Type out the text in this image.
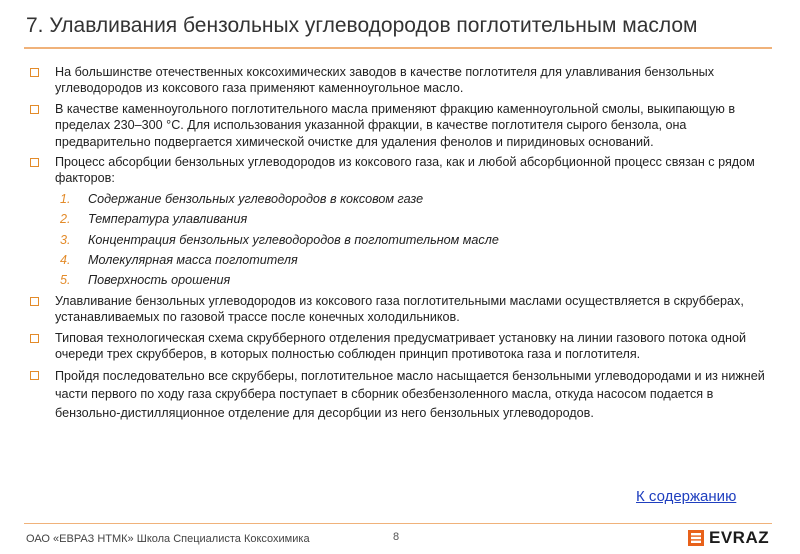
7. Улавливания бензольных углеводородов поглотительным маслом
На большинстве отечественных коксохимических заводов в качестве поглотителя для улавливания бензольных углеводородов из коксового газа применяют каменноугольное масло.
В качестве каменноугольного поглотительного масла применяют фракцию каменноугольной смолы, выкипающую в пределах 230–300 °С. Для использования указанной фракции, в качестве поглотителя сырого бензола, она предварительно подвергается химической очистке для удаления фенолов и пиридиновых оснований.
Процесс абсорбции бензольных углеводородов из коксового газа, как и любой абсорбционной процесс связан с рядом факторов:
1. Содержание бензольных углеводородов в коксовом газе
2. Температура улавливания
3. Концентрация бензольных углеводородов в поглотительном масле
4. Молекулярная масса поглотителя
5. Поверхность орошения
Улавливание бензольных углеводородов из коксового газа поглотительными маслами осуществляется в скрубберах, устанавливаемых по газовой трассе после конечных холодильников.
Типовая технологическая схема скрубберного отделения предусматривает установку на линии газового потока одной очереди трех скрубберов, в которых полностью соблюден принцип противотока газа и поглотителя.
Пройдя последовательно все скрубберы, поглотительное масло насыщается бензольными углеводородами и из нижней части первого по ходу газа скруббера поступает в сборник обезбензоленного масла, откуда насосом подается в бензольно-дистилляционное отделение для десорбции из него бензольных углеводородов.
К содержанию
ОАО «ЕВРАЗ НТМК» Школа Специалиста Коксохимика	8	EVRAZ
